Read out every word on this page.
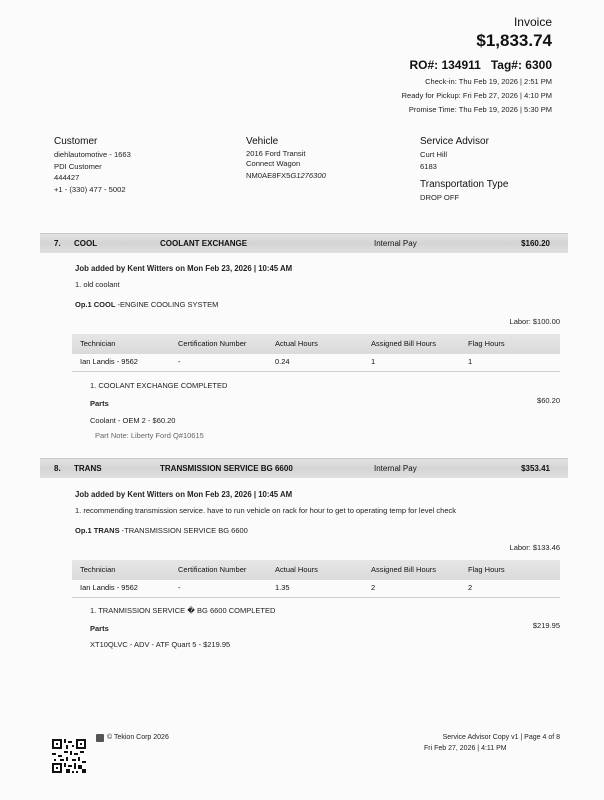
Invoice
$1,833.74
RO#: 134911 Tag#: 6300
Check-in: Thu Feb 19, 2026 | 2:51 PM
Ready for Pickup: Fri Feb 27, 2026 | 4:10 PM
Promise Time: Thu Feb 19, 2026 | 5:30 PM
Customer
diehlautomotive - 1663
PDI Customer
444427
+1 - (330) 477 - 5002
Vehicle
2016 Ford Transit
Connect Wagon
NM0AE8FX5G1276300
Service Advisor
Curt Hill
6183
Transportation Type
DROP OFF
7. COOL	COOLANT EXCHANGE	Internal Pay	$160.20
Job added by Kent Witters on Mon Feb 23, 2026 | 10:45 AM
1. old coolant
Op.1 COOL -ENGINE COOLING SYSTEM
Labor: $100.00
Technician	Certification Number	Actual Hours	Assigned Bill Hours	Flag Hours
Ian Landis - 9562	-	0.24	1	1
1. COOLANT EXCHANGE COMPLETED
Parts	$60.20
Coolant - OEM 2 - $60.20
Part Note: Liberty Ford Q#10615
8. TRANS	TRANSMISSION SERVICE BG 6600	Internal Pay	$353.41
Job added by Kent Witters on Mon Feb 23, 2026 | 10:45 AM
1. recommending transmission service. have to run vehicle on rack for hour to get to operating temp for level check
Op.1 TRANS -TRANSMISSION SERVICE BG 6600
Labor: $133.46
Technician	Certification Number	Actual Hours	Assigned Bill Hours	Flag Hours
Ian Landis - 9562	-	1.35	2	2
1. TRANMISSION SERVICE � BG 6600 COMPLETED
Parts	$219.95
XT10QLVC - ADV - ATF Quart 5 - $219.95
© Tekion Corp 2026	Service Advisor Copy v1 | Page 4 of 8
Fri Feb 27, 2026 | 4:11 PM
